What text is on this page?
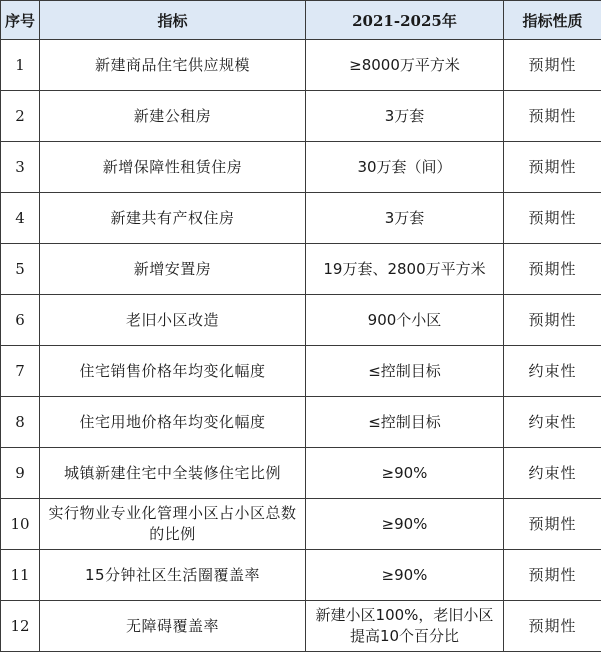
序号	指标	2021-2025年	指标性质
1	新建商品住宅供应规模	≥8000万平方米	预期性
2	新建公租房	3万套	预期性
3	新增保障性租赁住房	30万套（间）	预期性
4	新建共有产权住房	3万套	预期性
5	新增安置房	19万套、2800万平方米	预期性
6	老旧小区改造	900个小区	预期性
7	住宅销售价格年均变化幅度	≤控制目标	约束性
8	住宅用地价格年均变化幅度	≤控制目标	约束性
9	城镇新建住宅中全装修住宅比例	≥90%	约束性
10	实行物业专业化管理小区占小区总数的比例	≥90%	预期性
11	15分钟社区生活圈覆盖率	≥90%	预期性
12	无障碍覆盖率	新建小区100%，老旧小区提高10个百分比	预期性
